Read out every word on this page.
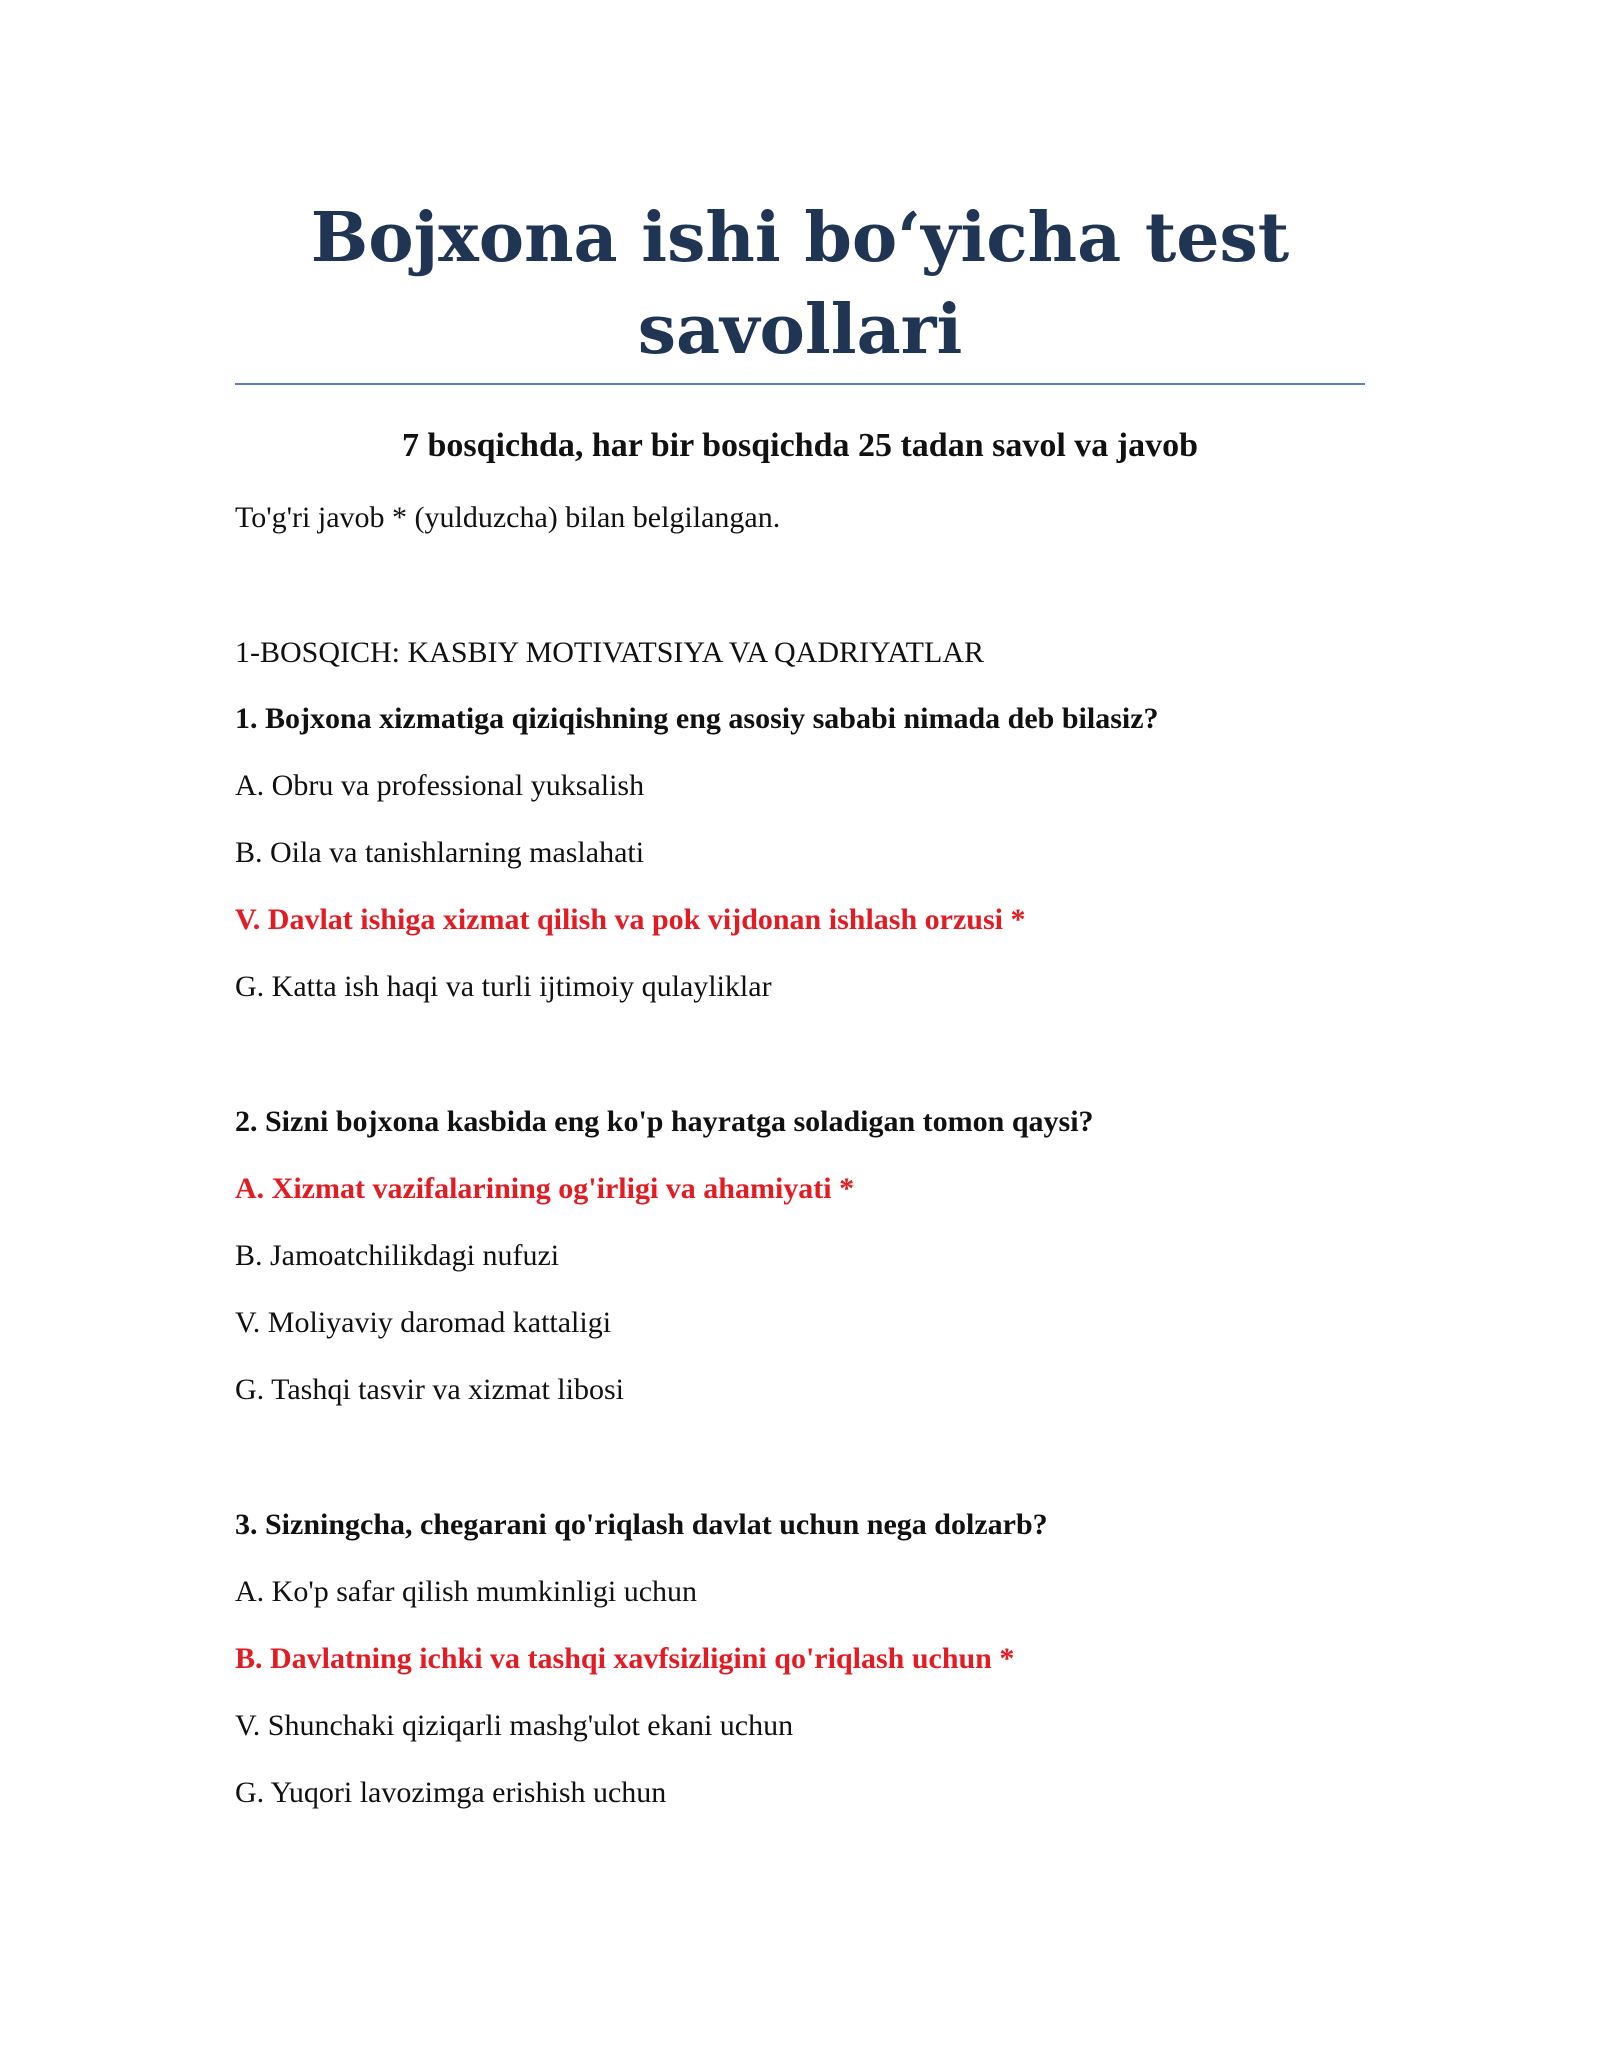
Bojxona ishi bo‘yicha test savollari
7 bosqichda, har bir bosqichda 25 tadan savol va javob

To'g'ri javob * (yulduzcha) bilan belgilangan.

1-BOSQICH: KASBIY MOTIVATSIYA VA QADRIYATLAR

1. Bojxona xizmatiga qiziqishning eng asosiy sababi nimada deb bilasiz?

A. Obru va professional yuksalish

B. Oila va tanishlarning maslahati

V. Davlat ishiga xizmat qilish va pok vijdonan ishlash orzusi *

G. Katta ish haqi va turli ijtimoiy qulayliklar

2. Sizni bojxona kasbida eng ko'p hayratga soladigan tomon qaysi?

A. Xizmat vazifalarining og'irligi va ahamiyati *

B. Jamoatchilikdagi nufuzi

V. Moliyaviy daromad kattaligi

G. Tashqi tasvir va xizmat libosi

3. Sizningcha, chegarani qo'riqlash davlat uchun nega dolzarb?

A. Ko'p safar qilish mumkinligi uchun

B. Davlatning ichki va tashqi xavfsizligini qo'riqlash uchun *

V. Shunchaki qiziqarli mashg'ulot ekani uchun

G. Yuqori lavozimga erishish uchun
